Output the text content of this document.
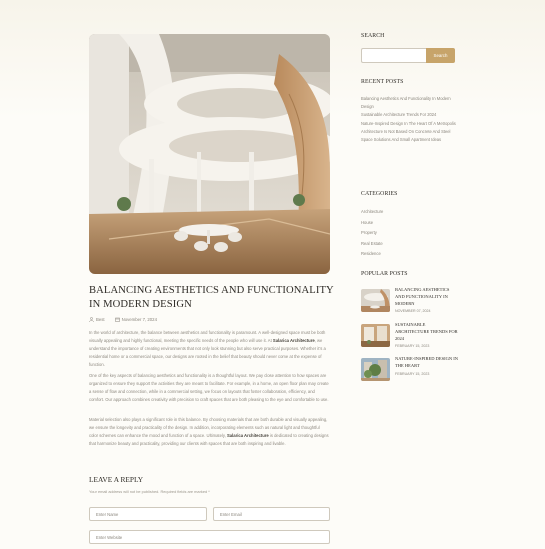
BALANCING AESTHETICS AND FUNCTIONALITY IN MODERN DESIGN
Best	November 7, 2024

In the world of architecture, the balance between aesthetics and functionality is paramount. A well-designed space must be both visually appealing and highly functional, meeting the specific needs of the people who will use it. At Salarica Architecture, we understand the importance of creating environments that not only look stunning but also serve practical purposes. Whether it's a residential home or a commercial space, our designs are rooted in the belief that beauty should never come at the expense of function.

One of the key aspects of balancing aesthetics and functionality is a thoughtful layout. We pay close attention to how spaces are organized to ensure they support the activities they are meant to facilitate. For example, in a home, an open floor plan may create a sense of flow and connection, while in a commercial setting, we focus on layouts that foster collaboration, efficiency, and comfort. Our approach combines creativity with precision to craft spaces that are both pleasing to the eye and comfortable to use.

Material selection also plays a significant role in this balance. By choosing materials that are both durable and visually appealing, we ensure the longevity and practicality of the design. In addition, incorporating elements such as natural light and thoughtful color schemes can enhance the mood and function of a space. Ultimately, Salarica Architecture is dedicated to creating designs that harmonize beauty and practicality, providing our clients with spaces that are both inspiring and livable.

LEAVE A REPLY
Your email address will not be published. Required fields are marked *
Enter Name	Enter Email
Enter Website
SEARCH
Search
RECENT POSTS
Balancing Aesthetics And Functionality In Modern Design
Sustainable Architecture Trends For 2024
Nature-Inspired Design In The Heart Of A Metropolis
Architecture Is Not Based On Concrete And Steel
Space Solutions And Small Apartment Ideas
CATEGORIES
Architecture
House
Property
Real Estate
Residence
POPULAR POSTS
BALANCING AESTHETICS AND FUNCTIONALITY IN MODERN
NOVEMBER 07, 2024
SUSTAINABLE ARCHITECTURE TRENDS FOR 2024
FEBRUARY 15, 2023
NATURE-INSPIRED DESIGN IN THE HEART
FEBRUARY 15, 2023
